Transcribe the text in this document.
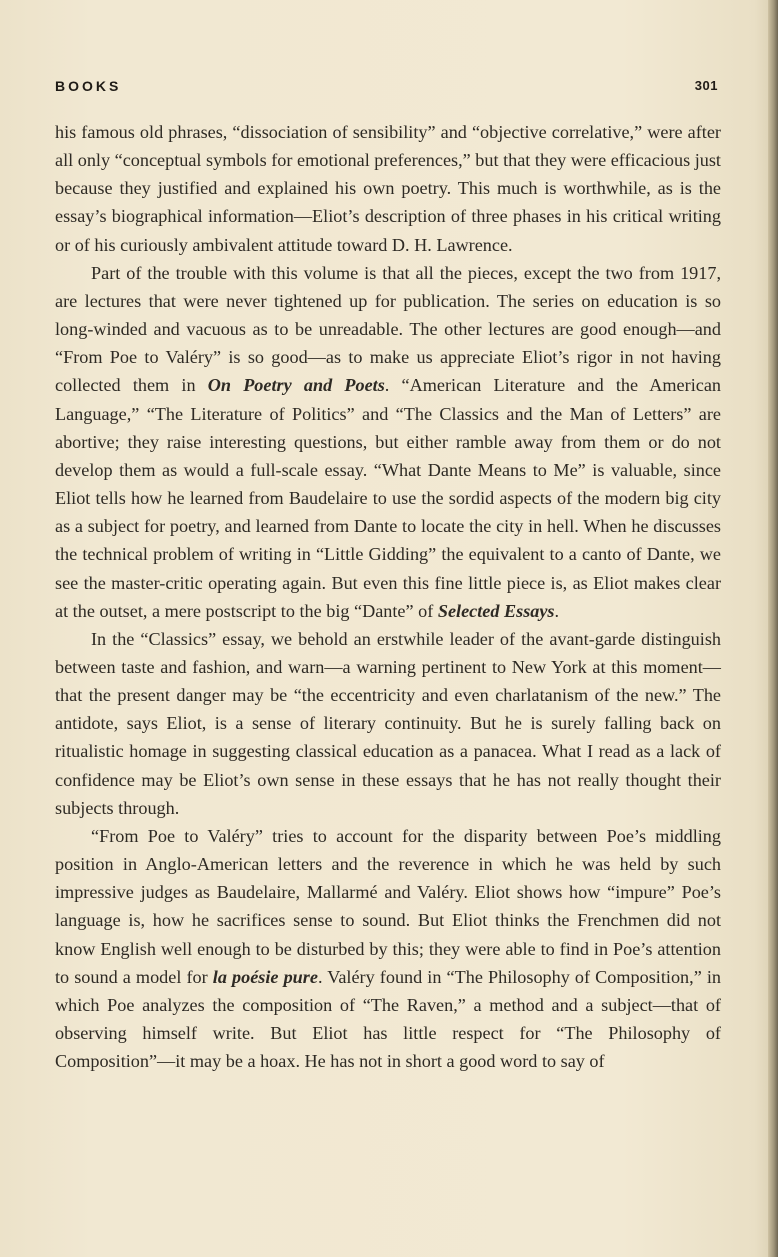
BOOKS	301

his famous old phrases, “dissociation of sensibility” and “objective correlative,” were after all only “conceptual symbols for emotional preferences,” but that they were efficacious just because they justified and explained his own poetry. This much is worthwhile, as is the essay’s biographical information—Eliot’s description of three phases in his critical writing or of his curiously ambivalent attitude toward D. H. Lawrence.

Part of the trouble with this volume is that all the pieces, except the two from 1917, are lectures that were never tightened up for publication. The series on education is so long-winded and vacuous as to be unreadable. The other lectures are good enough—and “From Poe to Valéry” is so good—as to make us appreciate Eliot’s rigor in not having collected them in On Poetry and Poets. “American Literature and the American Language,” “The Literature of Politics” and “The Classics and the Man of Letters” are abortive; they raise interesting questions, but either ramble away from them or do not develop them as would a full-scale essay. “What Dante Means to Me” is valuable, since Eliot tells how he learned from Baudelaire to use the sordid aspects of the modern big city as a subject for poetry, and learned from Dante to locate the city in hell. When he discusses the technical problem of writing in “Little Gidding” the equivalent to a canto of Dante, we see the master-critic operating again. But even this fine little piece is, as Eliot makes clear at the outset, a mere postscript to the big “Dante” of Selected Essays.

In the “Classics” essay, we behold an erstwhile leader of the avant-garde distinguish between taste and fashion, and warn—a warning pertinent to New York at this moment—that the present danger may be “the eccentricity and even charlatanism of the new.” The antidote, says Eliot, is a sense of literary continuity. But he is surely falling back on ritualistic homage in suggesting classical education as a panacea. What I read as a lack of confidence may be Eliot’s own sense in these essays that he has not really thought their subjects through.

“From Poe to Valéry” tries to account for the disparity between Poe’s middling position in Anglo-American letters and the reverence in which he was held by such impressive judges as Baudelaire, Mallarmé and Valéry. Eliot shows how “impure” Poe’s language is, how he sacrifices sense to sound. But Eliot thinks the Frenchmen did not know English well enough to be disturbed by this; they were able to find in Poe’s attention to sound a model for la poésie pure. Valéry found in “The Philosophy of Composition,” in which Poe analyzes the composition of “The Raven,” a method and a subject—that of observing himself write. But Eliot has little respect for “The Philosophy of Composition”—it may be a hoax. He has not in short a good word to say of
